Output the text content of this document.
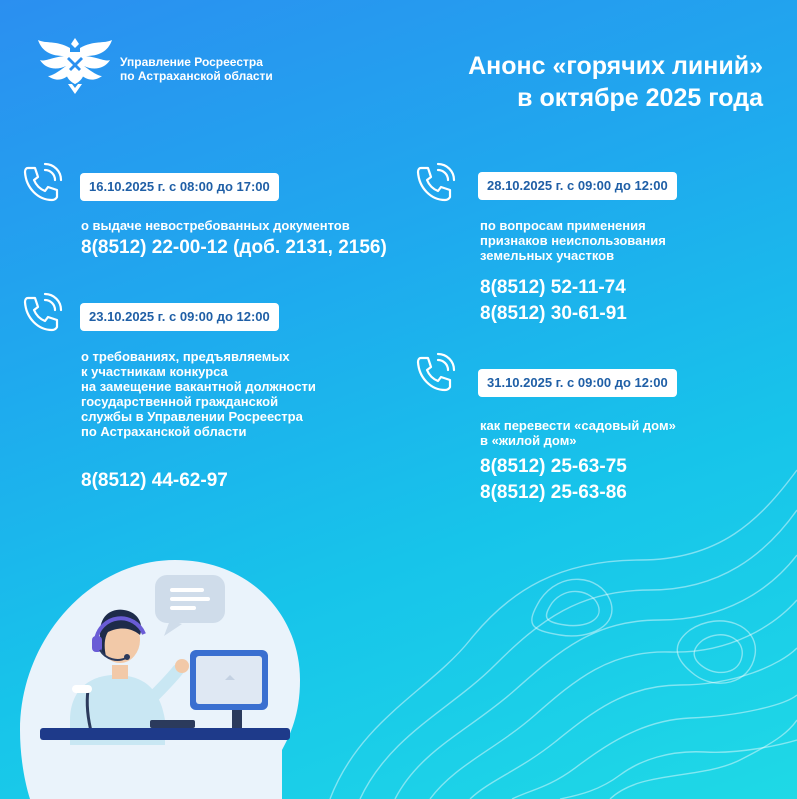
Управление Росреестра
по Астраханской области	Анонс «горячих линий»
в октябре 2025 года
16.10.2025 г. с 08:00 до 17:00
о выдаче невостребованных документов
8(8512) 22-00-12 (доб. 2131, 2156)
23.10.2025 г. с 09:00 до 12:00
о требованиях, предъявляемых
к участникам конкурса
на замещение вакантной должности
государственной гражданской
службы в Управлении Росреестра
по Астраханской области
8(8512) 44-62-97
28.10.2025 г. с 09:00 до 12:00
по вопросам применения
признаков неиспользования
земельных участков
8(8512) 52-11-74
8(8512) 30-61-91
31.10.2025 г. с 09:00 до 12:00
как перевести «садовый дом»
в «жилой дом»
8(8512) 25-63-75
8(8512) 25-63-86
